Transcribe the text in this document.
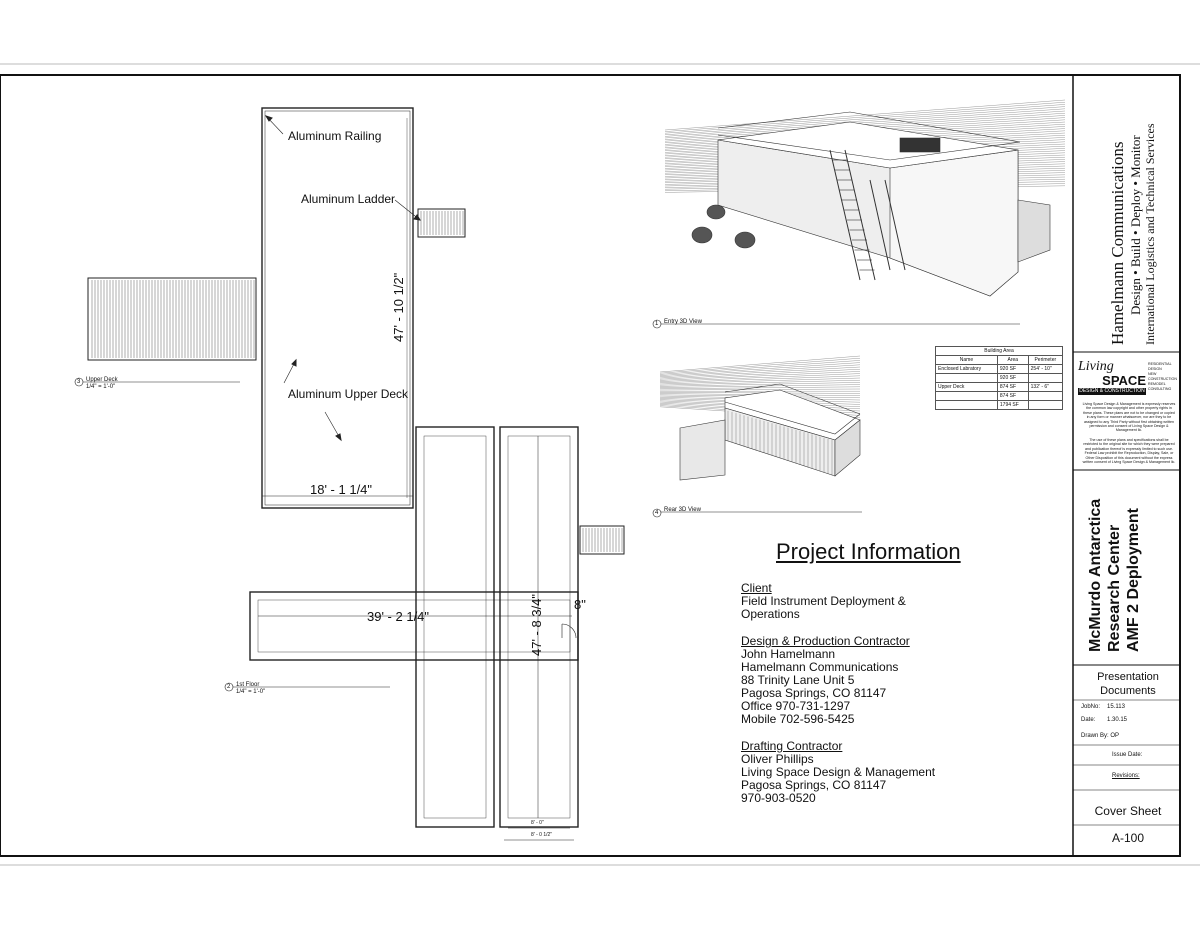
Aluminum Railing
Aluminum Ladder
Aluminum Upper Deck
18' - 1 1/4"
47' - 10 1/2"
39' - 2 1/4"	47' - 8 3/4" 8"
8' - 0"
8' - 0 1/2"
3 Upper Deck
1/4" = 1'-0"
2 1st Floor
1/4" = 1'-0"
1 Entry 3D View
4 Rear 3D View
Building Area		
Name	Area	Perimeter
Enclosed Labratory	920 SF	254' - 10"
	920 SF	
Upper Deck	874 SF	132' - 6"
	874 SF	
	1794 SF	
Project Information
Client
Field Instrument Deployment &
Operations
Design & Production Contractor
John Hamelmann
Hamelmann Communications
88 Trinity Lane Unit 5
Pagosa Springs, CO 81147
Office 970-731-1297
Mobile 702-596-5425
Drafting Contractor
Oliver Phillips
Living Space Design & Management
Pagosa Springs, CO 81147
970-903-0520
Hamelmann Communications Design • Build • Deploy • Monitor International Logistics and Technical Services
Living
SPACE
DESIGN & CONSTRUCTION
RESIDENTIAL
DESIGN
NEW
CONSTRUCTION
REMODEL
CONSULTING
Living Space Design & Management is expressly reserves the common law copyright and other property rights in these plans. These plans are not to be changed or copied in any form or manner whatsoever, nor are they to be assigned to any Third Party without first obtaining written permission and consent of Living Space Design & Management llc.
The use of these plans and specifications shall be restricted to the original site for which they were prepared and publication thereof is expressly limited to such use. Federal Law prohibit the Reproduction, Display, Sale, or Other Disposition of this document without the express written consent of Living Space Design & Management llc.
McMurdo Antarctica Research Center AMF 2 Deployment
Presentation Documents
JobNo: 15.113
Date: 1.30.15
Drawn By: OP
Issue Date:
Revisions:
Cover Sheet
A-100
